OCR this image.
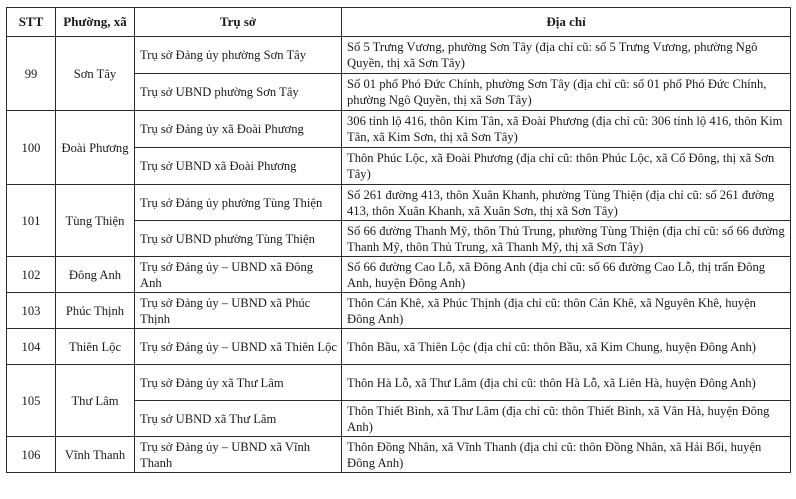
STT	Phường, xã	Trụ sở	Địa chỉ
99	Sơn Tây	Trụ sở Đảng ủy phường Sơn Tây	Số 5 Trưng Vương, phường Sơn Tây (địa chỉ cũ: số 5 Trưng Vương, phường Ngô Quyền, thị xã Sơn Tây)
		Trụ sở UBND phường Sơn Tây	Số 01 phố Phó Đức Chính, phường Sơn Tây (địa chỉ cũ: số 01 phố Phó Đức Chính, phường Ngô Quyền, thị xã Sơn Tây)
100	Đoài Phương	Trụ sở Đảng ủy xã Đoài Phương	306 tỉnh lộ 416, thôn Kim Tân, xã Đoài Phương (địa chỉ cũ: 306 tỉnh lộ 416, thôn Kim Tân, xã Kim Sơn, thị xã Sơn Tây)
		Trụ sở UBND xã Đoài Phương	Thôn Phúc Lộc, xã Đoài Phương (địa chỉ cũ: thôn Phúc Lộc, xã Cổ Đông, thị xã Sơn Tây)
101	Tùng Thiện	Trụ sở Đảng ủy phường Tùng Thiện	Số 261 đường 413, thôn Xuân Khanh, phường Tùng Thiện (địa chỉ cũ: số 261 đường 413, thôn Xuân Khanh, xã Xuân Sơn, thị xã Sơn Tây)
		Trụ sở UBND phường Tùng Thiện	Số 66 đường Thanh Mỹ, thôn Thủ Trung, phường Tùng Thiện (địa chỉ cũ: số 66 đường Thanh Mỹ, thôn Thủ Trung, xã Thanh Mỹ, thị xã Sơn Tây)
102	Đông Anh	Trụ sở Đảng ủy – UBND xã Đông Anh	Số 66 đường Cao Lỗ, xã Đông Anh (địa chỉ cũ: số 66 đường Cao Lỗ, thị trấn Đông Anh, huyện Đông Anh)
103	Phúc Thịnh	Trụ sở Đảng ủy – UBND xã Phúc Thịnh	Thôn Cán Khê, xã Phúc Thịnh (địa chỉ cũ: thôn Cán Khê, xã Nguyên Khê, huyện Đông Anh)
104	Thiên Lộc	Trụ sở Đảng ủy – UBND xã Thiên Lộc	Thôn Bầu, xã Thiên Lộc (địa chỉ cũ: thôn Bầu, xã Kim Chung, huyện Đông Anh)
105	Thư Lâm	Trụ sở Đảng ủy xã Thư Lâm	Thôn Hà Lỗ, xã Thư Lâm (địa chỉ cũ: thôn Hà Lỗ, xã Liên Hà, huyện Đông Anh)
		Trụ sở UBND xã Thư Lâm	Thôn Thiết Bình, xã Thư Lâm (địa chỉ cũ: thôn Thiết Bình, xã Vân Hà, huyện Đông Anh)
106	Vĩnh Thanh	Trụ sở Đảng ủy – UBND xã Vĩnh Thanh	Thôn Đồng Nhân, xã Vĩnh Thanh (địa chỉ cũ: thôn Đồng Nhân, xã Hải Bối, huyện Đông Anh)
